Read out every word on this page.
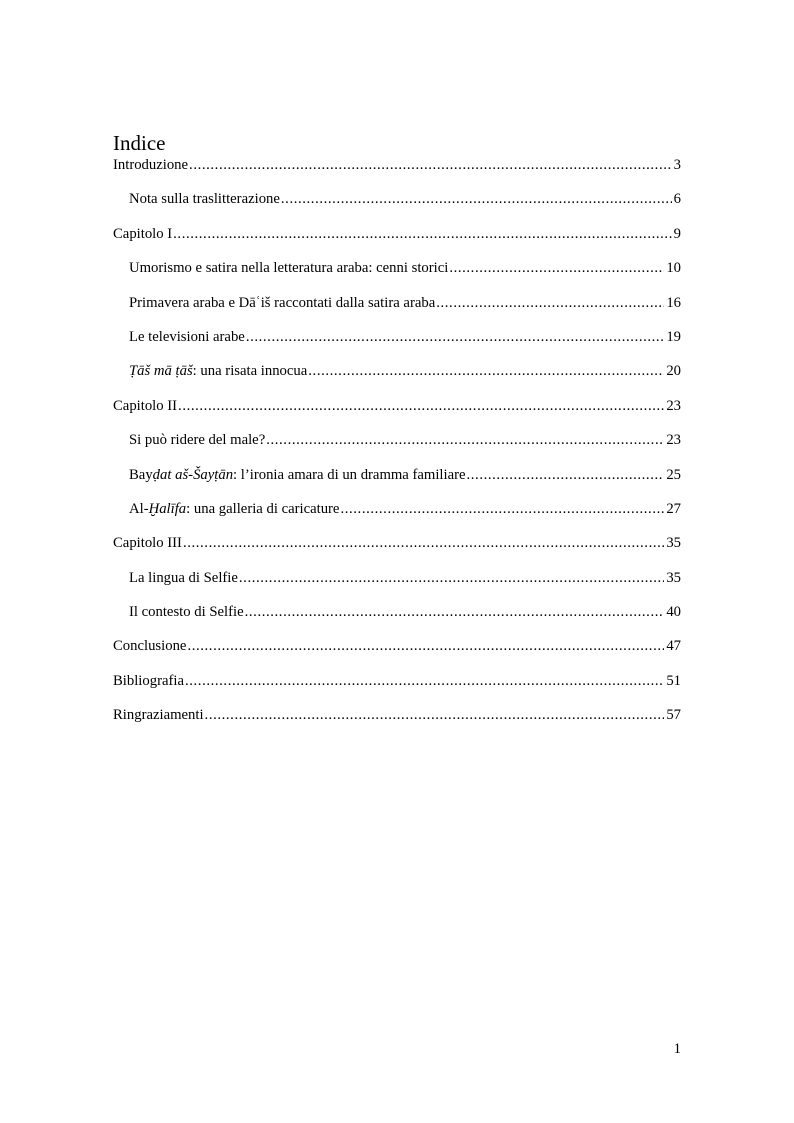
Indice
Introduzione .....	3
Nota sulla traslitterazione .....	6
Capitolo I .....	9
Umorismo e satira nella letteratura araba: cenni storici .....	10
Primavera araba e Dāʿiš raccontati dalla satira araba .....	16
Le televisioni arabe .....	19
Ṭāš mā ṭāš: una risata innocua .....	20
Capitolo II .....	23
Si può ridere del male? .....	23
Bayḍat aš-Šayṭān: l’ironia amara di un dramma familiare .....	25
Al-Ḫalīfa: una galleria di caricature .....	27
Capitolo III .....	35
La lingua di Selfie .....	35
Il contesto di Selfie .....	40
Conclusione .....	47
Bibliografia .....	51
Ringraziamenti .....	57
1
